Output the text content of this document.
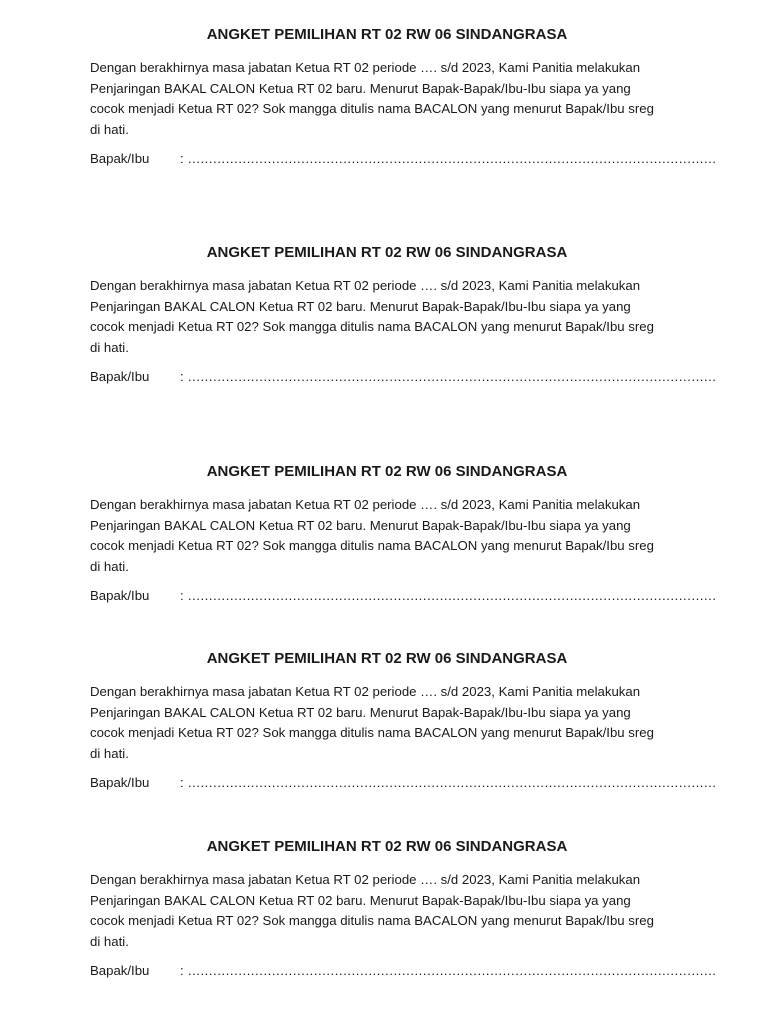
ANGKET PEMILIHAN RT 02 RW 06 SINDANGRASA

Dengan berakhirnya masa jabatan Ketua RT 02 periode …. s/d 2023, Kami Panitia melakukan
Penjaringan BAKAL CALON Ketua RT 02 baru. Menurut Bapak-Bapak/Ibu-Ibu siapa ya yang
cocok menjadi Ketua RT 02? Sok mangga ditulis nama BACALON yang menurut Bapak/Ibu sreg
di hati.

Bapak/Ibu : ………………………………………………………………………………………………………………
ANGKET PEMILIHAN RT 02 RW 06 SINDANGRASA

Dengan berakhirnya masa jabatan Ketua RT 02 periode …. s/d 2023, Kami Panitia melakukan
Penjaringan BAKAL CALON Ketua RT 02 baru. Menurut Bapak-Bapak/Ibu-Ibu siapa ya yang
cocok menjadi Ketua RT 02? Sok mangga ditulis nama BACALON yang menurut Bapak/Ibu sreg
di hati.

Bapak/Ibu : ………………………………………………………………………………………………………………
ANGKET PEMILIHAN RT 02 RW 06 SINDANGRASA

Dengan berakhirnya masa jabatan Ketua RT 02 periode …. s/d 2023, Kami Panitia melakukan
Penjaringan BAKAL CALON Ketua RT 02 baru. Menurut Bapak-Bapak/Ibu-Ibu siapa ya yang
cocok menjadi Ketua RT 02? Sok mangga ditulis nama BACALON yang menurut Bapak/Ibu sreg
di hati.

Bapak/Ibu : ………………………………………………………………………………………………………………
ANGKET PEMILIHAN RT 02 RW 06 SINDANGRASA

Dengan berakhirnya masa jabatan Ketua RT 02 periode …. s/d 2023, Kami Panitia melakukan
Penjaringan BAKAL CALON Ketua RT 02 baru. Menurut Bapak-Bapak/Ibu-Ibu siapa ya yang
cocok menjadi Ketua RT 02? Sok mangga ditulis nama BACALON yang menurut Bapak/Ibu sreg
di hati.

Bapak/Ibu : ………………………………………………………………………………………………………………
ANGKET PEMILIHAN RT 02 RW 06 SINDANGRASA

Dengan berakhirnya masa jabatan Ketua RT 02 periode …. s/d 2023, Kami Panitia melakukan
Penjaringan BAKAL CALON Ketua RT 02 baru. Menurut Bapak-Bapak/Ibu-Ibu siapa ya yang
cocok menjadi Ketua RT 02? Sok mangga ditulis nama BACALON yang menurut Bapak/Ibu sreg
di hati.

Bapak/Ibu : ………………………………………………………………………………………………………………
